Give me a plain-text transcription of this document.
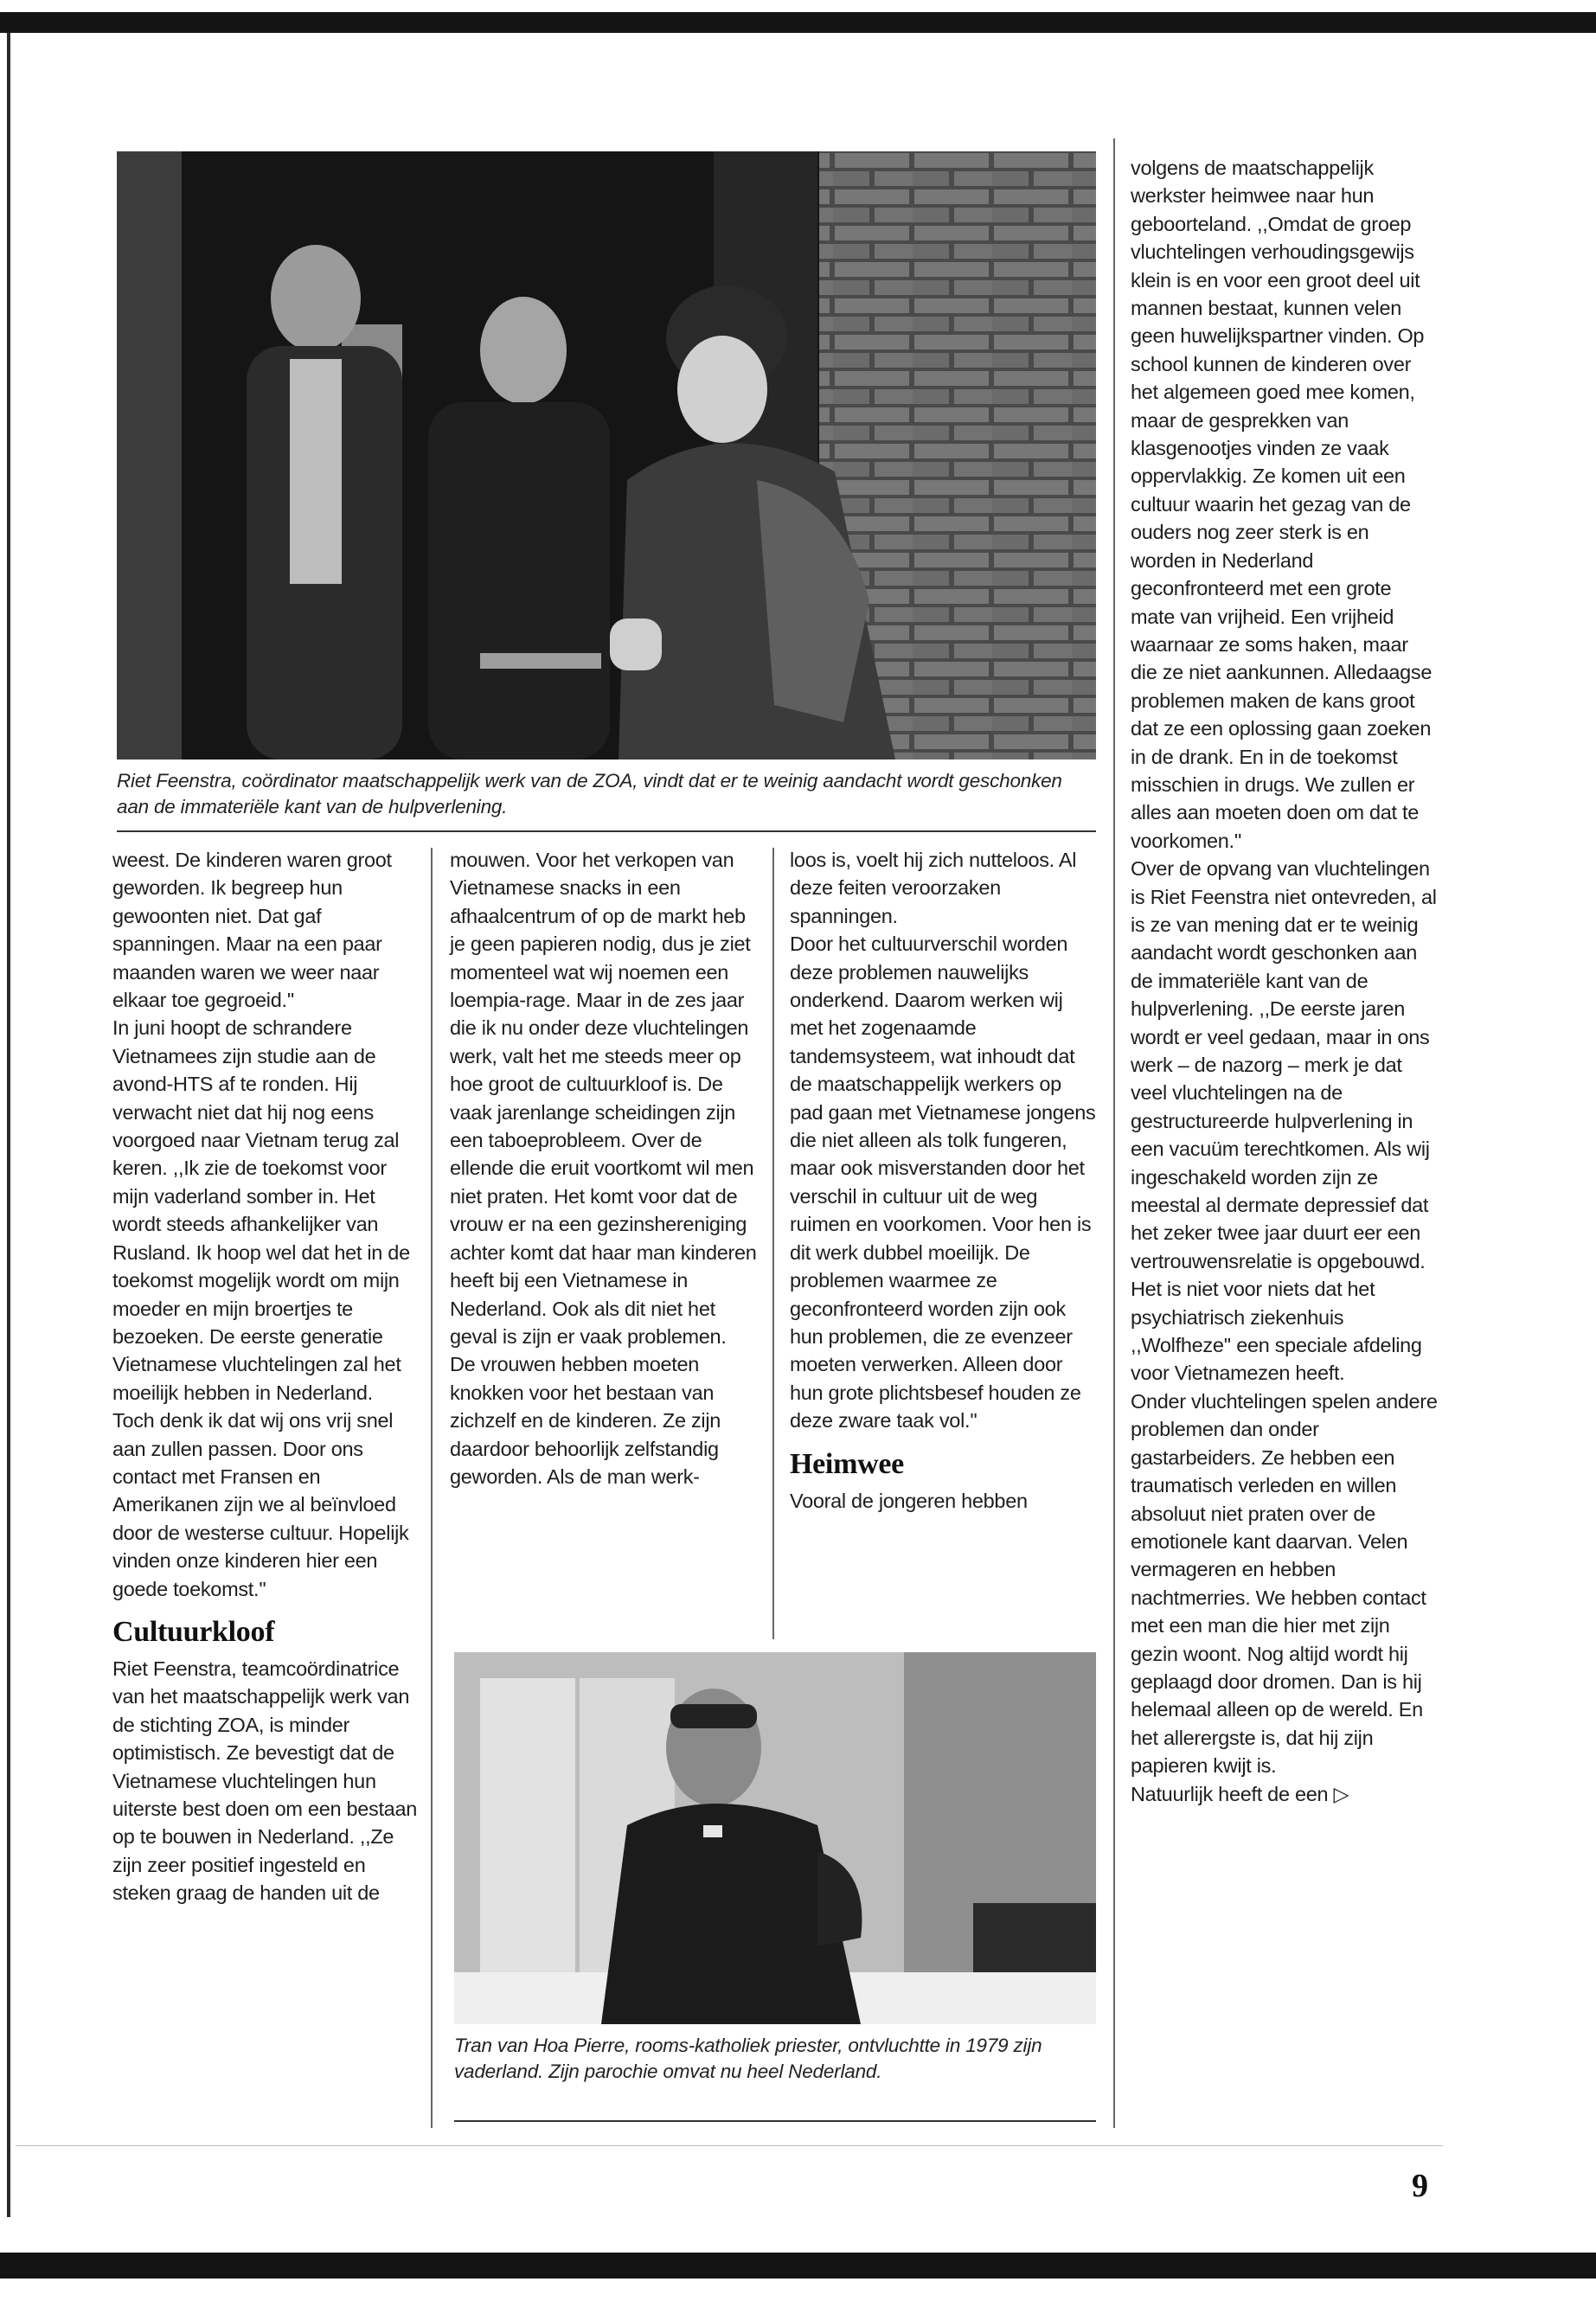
Riet Feenstra, coördinator maatschappelijk werk van de ZOA, vindt dat er te weinig aandacht wordt geschonken aan de immateriële kant van de hulpverlening.

weest. De kinderen waren groot geworden. Ik begreep hun gewoonten niet. Dat gaf spanningen. Maar na een paar maanden waren we weer naar elkaar toe gegroeid.''

In juni hoopt de schrandere Vietnamees zijn studie aan de avond-HTS af te ronden. Hij verwacht niet dat hij nog eens voorgoed naar Vietnam terug zal keren. ,,Ik zie de toekomst voor mijn vaderland somber in. Het wordt steeds afhankelijker van Rusland. Ik hoop wel dat het in de toekomst mogelijk wordt om mijn moeder en mijn broertjes te bezoeken. De eerste generatie Vietnamese vluchtelingen zal het moeilijk hebben in Nederland. Toch denk ik dat wij ons vrij snel aan zullen passen. Door ons contact met Fransen en Amerikanen zijn we al beïnvloed door de westerse cultuur. Hopelijk vinden onze kinderen hier een goede toekomst.''

Cultuurkloof

Riet Feenstra, teamcoördinatrice van het maatschappelijk werk van de stichting ZOA, is minder optimistisch. Ze bevestigt dat de Vietnamese vluchtelingen hun uiterste best doen om een bestaan op te bouwen in Nederland. ,,Ze zijn zeer positief ingesteld en steken graag de handen uit de

mouwen. Voor het verkopen van Vietnamese snacks in een afhaalcentrum of op de markt heb je geen papieren nodig, dus je ziet momenteel wat wij noemen een loempia-rage. Maar in de zes jaar die ik nu onder deze vluchtelingen werk, valt het me steeds meer op hoe groot de cultuurkloof is. De vaak jarenlange scheidingen zijn een taboeprobleem. Over de ellende die eruit voortkomt wil men niet praten. Het komt voor dat de vrouw er na een gezinshereniging achter komt dat haar man kinderen heeft bij een Vietnamese in Nederland. Ook als dit niet het geval is zijn er vaak problemen. De vrouwen hebben moeten knokken voor het bestaan van zichzelf en de kinderen. Ze zijn daardoor behoorlijk zelfstandig geworden. Als de man werk-

loos is, voelt hij zich nutteloos. Al deze feiten veroorzaken spanningen.

Door het cultuurverschil worden deze problemen nauwelijks onderkend. Daarom werken wij met het zogenaamde tandemsysteem, wat inhoudt dat de maatschappelijk werkers op pad gaan met Vietnamese jongens die niet alleen als tolk fungeren, maar ook misverstanden door het verschil in cultuur uit de weg ruimen en voorkomen. Voor hen is dit werk dubbel moeilijk. De problemen waarmee ze geconfronteerd worden zijn ook hun problemen, die ze evenzeer moeten verwerken. Alleen door hun grote plichtsbesef houden ze deze zware taak vol.''

Heimwee

Vooral de jongeren hebben

Tran van Hoa Pierre, rooms-katholiek priester, ontvluchtte in 1979 zijn vaderland. Zijn parochie omvat nu heel Nederland.

volgens de maatschappelijk werkster heimwee naar hun geboorteland. ,,Omdat de groep vluchtelingen verhoudingsgewijs klein is en voor een groot deel uit mannen bestaat, kunnen velen geen huwelijkspartner vinden. Op school kunnen de kinderen over het algemeen goed mee komen, maar de gesprekken van klasgenootjes vinden ze vaak oppervlakkig. Ze komen uit een cultuur waarin het gezag van de ouders nog zeer sterk is en worden in Nederland geconfronteerd met een grote mate van vrijheid. Een vrijheid waarnaar ze soms haken, maar die ze niet aankunnen. Alledaagse problemen maken de kans groot dat ze een oplossing gaan zoeken in de drank. En in de toekomst misschien in drugs. We zullen er alles aan moeten doen om dat te voorkomen.''

Over de opvang van vluchtelingen is Riet Feenstra niet ontevreden, al is ze van mening dat er te weinig aandacht wordt geschonken aan de immateriële kant van de hulpverlening. ,,De eerste jaren wordt er veel gedaan, maar in ons werk – de nazorg – merk je dat veel vluchtelingen na de gestructureerde hulpverlening in een vacuüm terechtkomen. Als wij ingeschakeld worden zijn ze meestal al dermate depressief dat het zeker twee jaar duurt eer een vertrouwensrelatie is opgebouwd. Het is niet voor niets dat het psychiatrisch ziekenhuis ,,Wolfheze'' een speciale afdeling voor Vietnamezen heeft.

Onder vluchtelingen spelen andere problemen dan onder gastarbeiders. Ze hebben een traumatisch verleden en willen absoluut niet praten over de emotionele kant daarvan. Velen vermageren en hebben nachtmerries. We hebben contact met een man die hier met zijn gezin woont. Nog altijd wordt hij geplaagd door dromen. Dan is hij helemaal alleen op de wereld. En het allerergste is, dat hij zijn papieren kwijt is.

Natuurlijk heeft de een ▷

9
